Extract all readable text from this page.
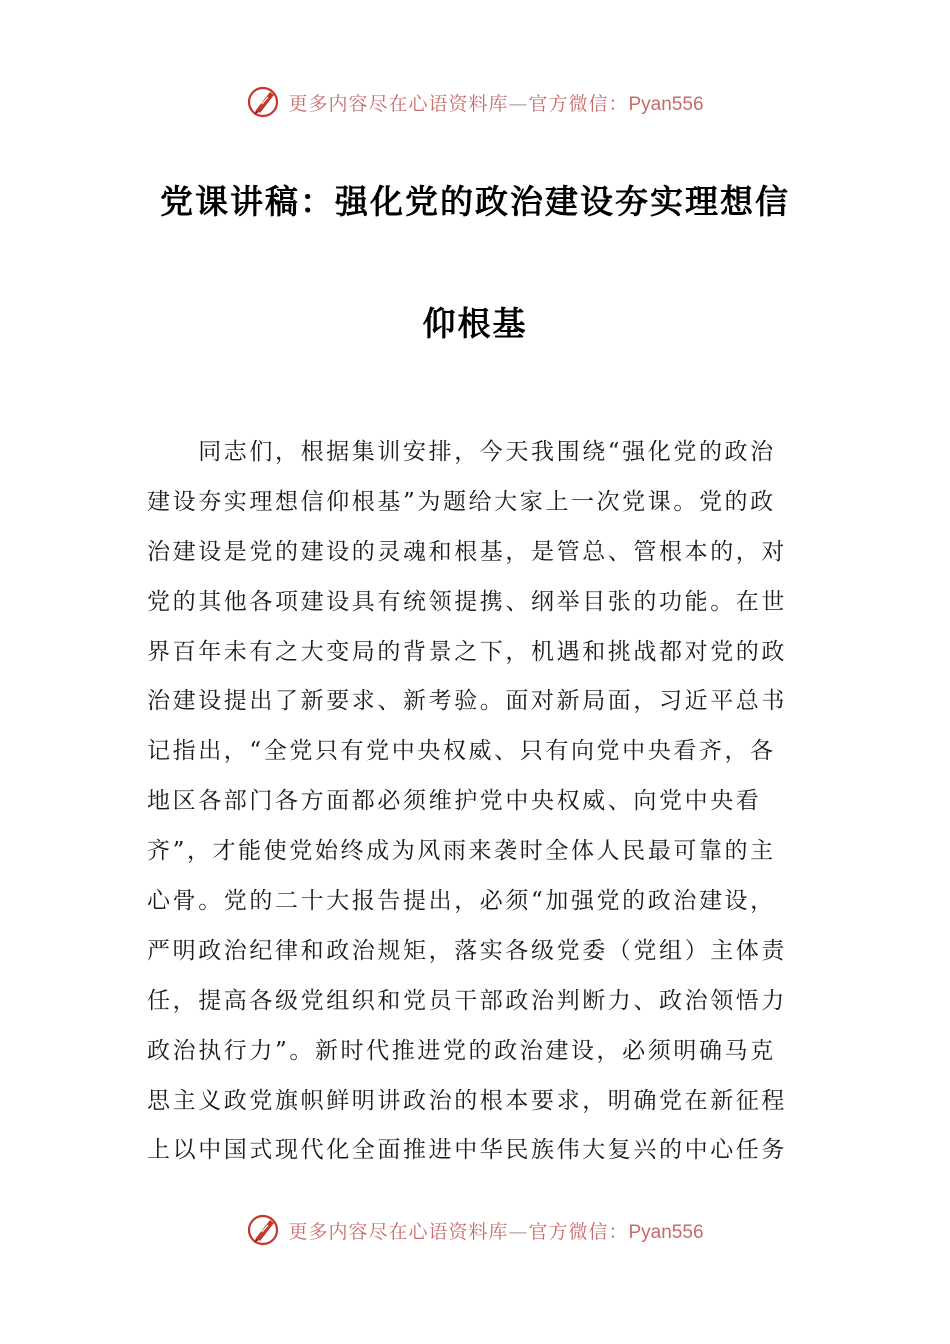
更多内容尽在心语资料库—官方微信：Pyan556
党课讲稿：强化党的政治建设夯实理想信
仰根基
　　同志们，根据集训安排，今天我围绕“强化党的政治
建设夯实理想信仰根基”为题给大家上一次党课。党的政
治建设是党的建设的灵魂和根基，是管总、管根本的，对
党的其他各项建设具有统领提携、纲举目张的功能。在世
界百年未有之大变局的背景之下，机遇和挑战都对党的政
治建设提出了新要求、新考验。面对新局面，习近平总书
记指出，“全党只有党中央权威、只有向党中央看齐，各
地区各部门各方面都必须维护党中央权威、向党中央看
齐”，才能使党始终成为风雨来袭时全体人民最可靠的主
心骨。党的二十大报告提出，必须“加强党的政治建设，
严明政治纪律和政治规矩，落实各级党委（党组）主体责
任，提高各级党组织和党员干部政治判断力、政治领悟力
政治执行力”。新时代推进党的政治建设，必须明确马克
思主义政党旗帜鲜明讲政治的根本要求，明确党在新征程
上以中国式现代化全面推进中华民族伟大复兴的中心任务
更多内容尽在心语资料库—官方微信：Pyan556
